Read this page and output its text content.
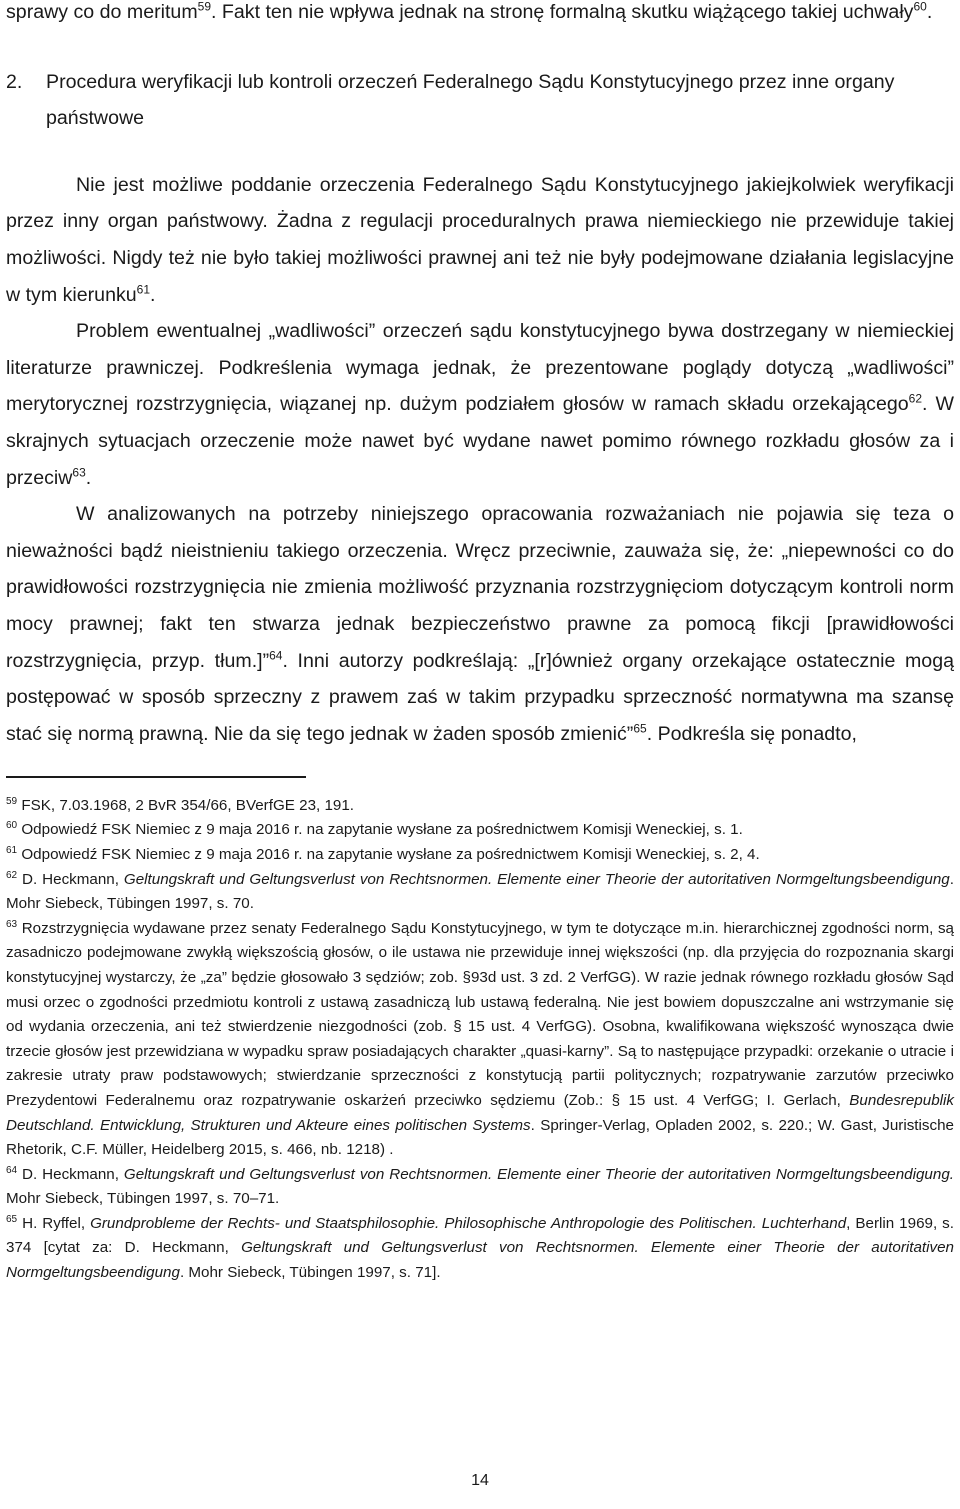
sprawy co do meritum$^{59}$. Fakt ten nie wpływa jednak na stronę formalną skutku wiążącego takiej uchwały$^{60}$.

2. Procedura weryfikacji lub kontroli orzeczeń Federalnego Sądu Konstytucyjnego przez inne organy państwowe

Nie jest możliwe poddanie orzeczenia Federalnego Sądu Konstytucyjnego jakiejkolwiek weryfikacji przez inny organ państwowy. Żadna z regulacji proceduralnych prawa niemieckiego nie przewiduje takiej możliwości. Nigdy też nie było takiej możliwości prawnej ani też nie były podejmowane działania legislacyjne w tym kierunku$^{61}$.

Problem ewentualnej „wadliwości” orzeczeń sądu konstytucyjnego bywa dostrzegany w niemieckiej literaturze prawniczej. Podkreślenia wymaga jednak, że prezentowane poglądy dotyczą „wadliwości” merytorycznej rozstrzygnięcia, wiązanej np. dużym podziałem głosów w ramach składu orzekającego$^{62}$. W skrajnych sytuacjach orzeczenie może nawet być wydane nawet pomimo równego rozkładu głosów za i przeciw$^{63}$.

W analizowanych na potrzeby niniejszego opracowania rozważaniach nie pojawia się teza o nieważności bądź nieistnieniu takiego orzeczenia. Wręcz przeciwnie, zauważa się, że: „niepewności co do prawidłowości rozstrzygnięcia nie zmienia możliwość przyznania rozstrzygnięciom dotyczącym kontroli norm mocy prawnej; fakt ten stwarza jednak bezpieczeństwo prawne za pomocą fikcji [prawidłowości rozstrzygnięcia, przyp. tłum.]”$^{64}$. Inni autorzy podkreślają: „[r]ównież organy orzekające ostatecznie mogą postępować w sposób sprzeczny z prawem zaś w takim przypadku sprzeczność normatywna ma szansę stać się normą prawną. Nie da się tego jednak w żaden sposób zmienić”$^{65}$. Podkreśla się ponadto,

$^{59}$ FSK, 7.03.1968, 2 BvR 354/66, BVerfGE 23, 191.

$^{60}$ Odpowiedź FSK Niemiec z 9 maja 2016 r. na zapytanie wysłane za pośrednictwem Komisji Weneckiej, s. 1.

$^{61}$ Odpowiedź FSK Niemiec z 9 maja 2016 r. na zapytanie wysłane za pośrednictwem Komisji Weneckiej, s. 2, 4.

$^{62}$ D. Heckmann, Geltungskraft und Geltungsverlust von Rechtsnormen. Elemente einer Theorie der autoritativen Normgeltungsbeendigung. Mohr Siebeck, Tübingen 1997, s. 70.

$^{63}$ Rozstrzygnięcia wydawane przez senaty Federalnego Sądu Konstytucyjnego, w tym te dotyczące m.in. hierarchicznej zgodności norm, są zasadniczo podejmowane zwykłą większością głosów, o ile ustawa nie przewiduje innej większości (np. dla przyjęcia do rozpoznania skargi konstytucyjnej wystarczy, że „za” będzie głosowało 3 sędziów; zob. §93d ust. 3 zd. 2 VerfGG). W razie jednak równego rozkładu głosów Sąd musi orzec o zgodności przedmiotu kontroli z ustawą zasadniczą lub ustawą federalną. Nie jest bowiem dopuszczalne ani wstrzymanie się od wydania orzeczenia, ani też stwierdzenie niezgodności (zob. § 15 ust. 4 VerfGG). Osobna, kwalifikowana większość wynosząca dwie trzecie głosów jest przewidziana w wypadku spraw posiadających charakter „quasi-karny”. Są to następujące przypadki: orzekanie o utracie i zakresie utraty praw podstawowych; stwierdzanie sprzeczności z konstytucją partii politycznych; rozpatrywanie zarzutów przeciwko Prezydentowi Federalnemu oraz rozpatrywanie oskarżeń przeciwko sędziemu (Zob.: § 15 ust. 4 VerfGG; I. Gerlach, Bundesrepublik Deutschland. Entwicklung, Strukturen und Akteure eines politischen Systems. Springer-Verlag, Opladen 2002, s. 220.; W. Gast, Juristische Rhetorik, C.F. Müller, Heidelberg 2015, s. 466, nb. 1218) .

$^{64}$ D. Heckmann, Geltungskraft und Geltungsverlust von Rechtsnormen. Elemente einer Theorie der autoritativen Normgeltungsbeendigung. Mohr Siebeck, Tübingen 1997, s. 70–71.

$^{65}$ H. Ryffel, Grundprobleme der Rechts- und Staatsphilosophie. Philosophische Anthropologie des Politischen. Luchterhand, Berlin 1969, s. 374 [cytat za: D. Heckmann, Geltungskraft und Geltungsverlust von Rechtsnormen. Elemente einer Theorie der autoritativen Normgeltungsbeendigung. Mohr Siebeck, Tübingen 1997, s. 71].

14
